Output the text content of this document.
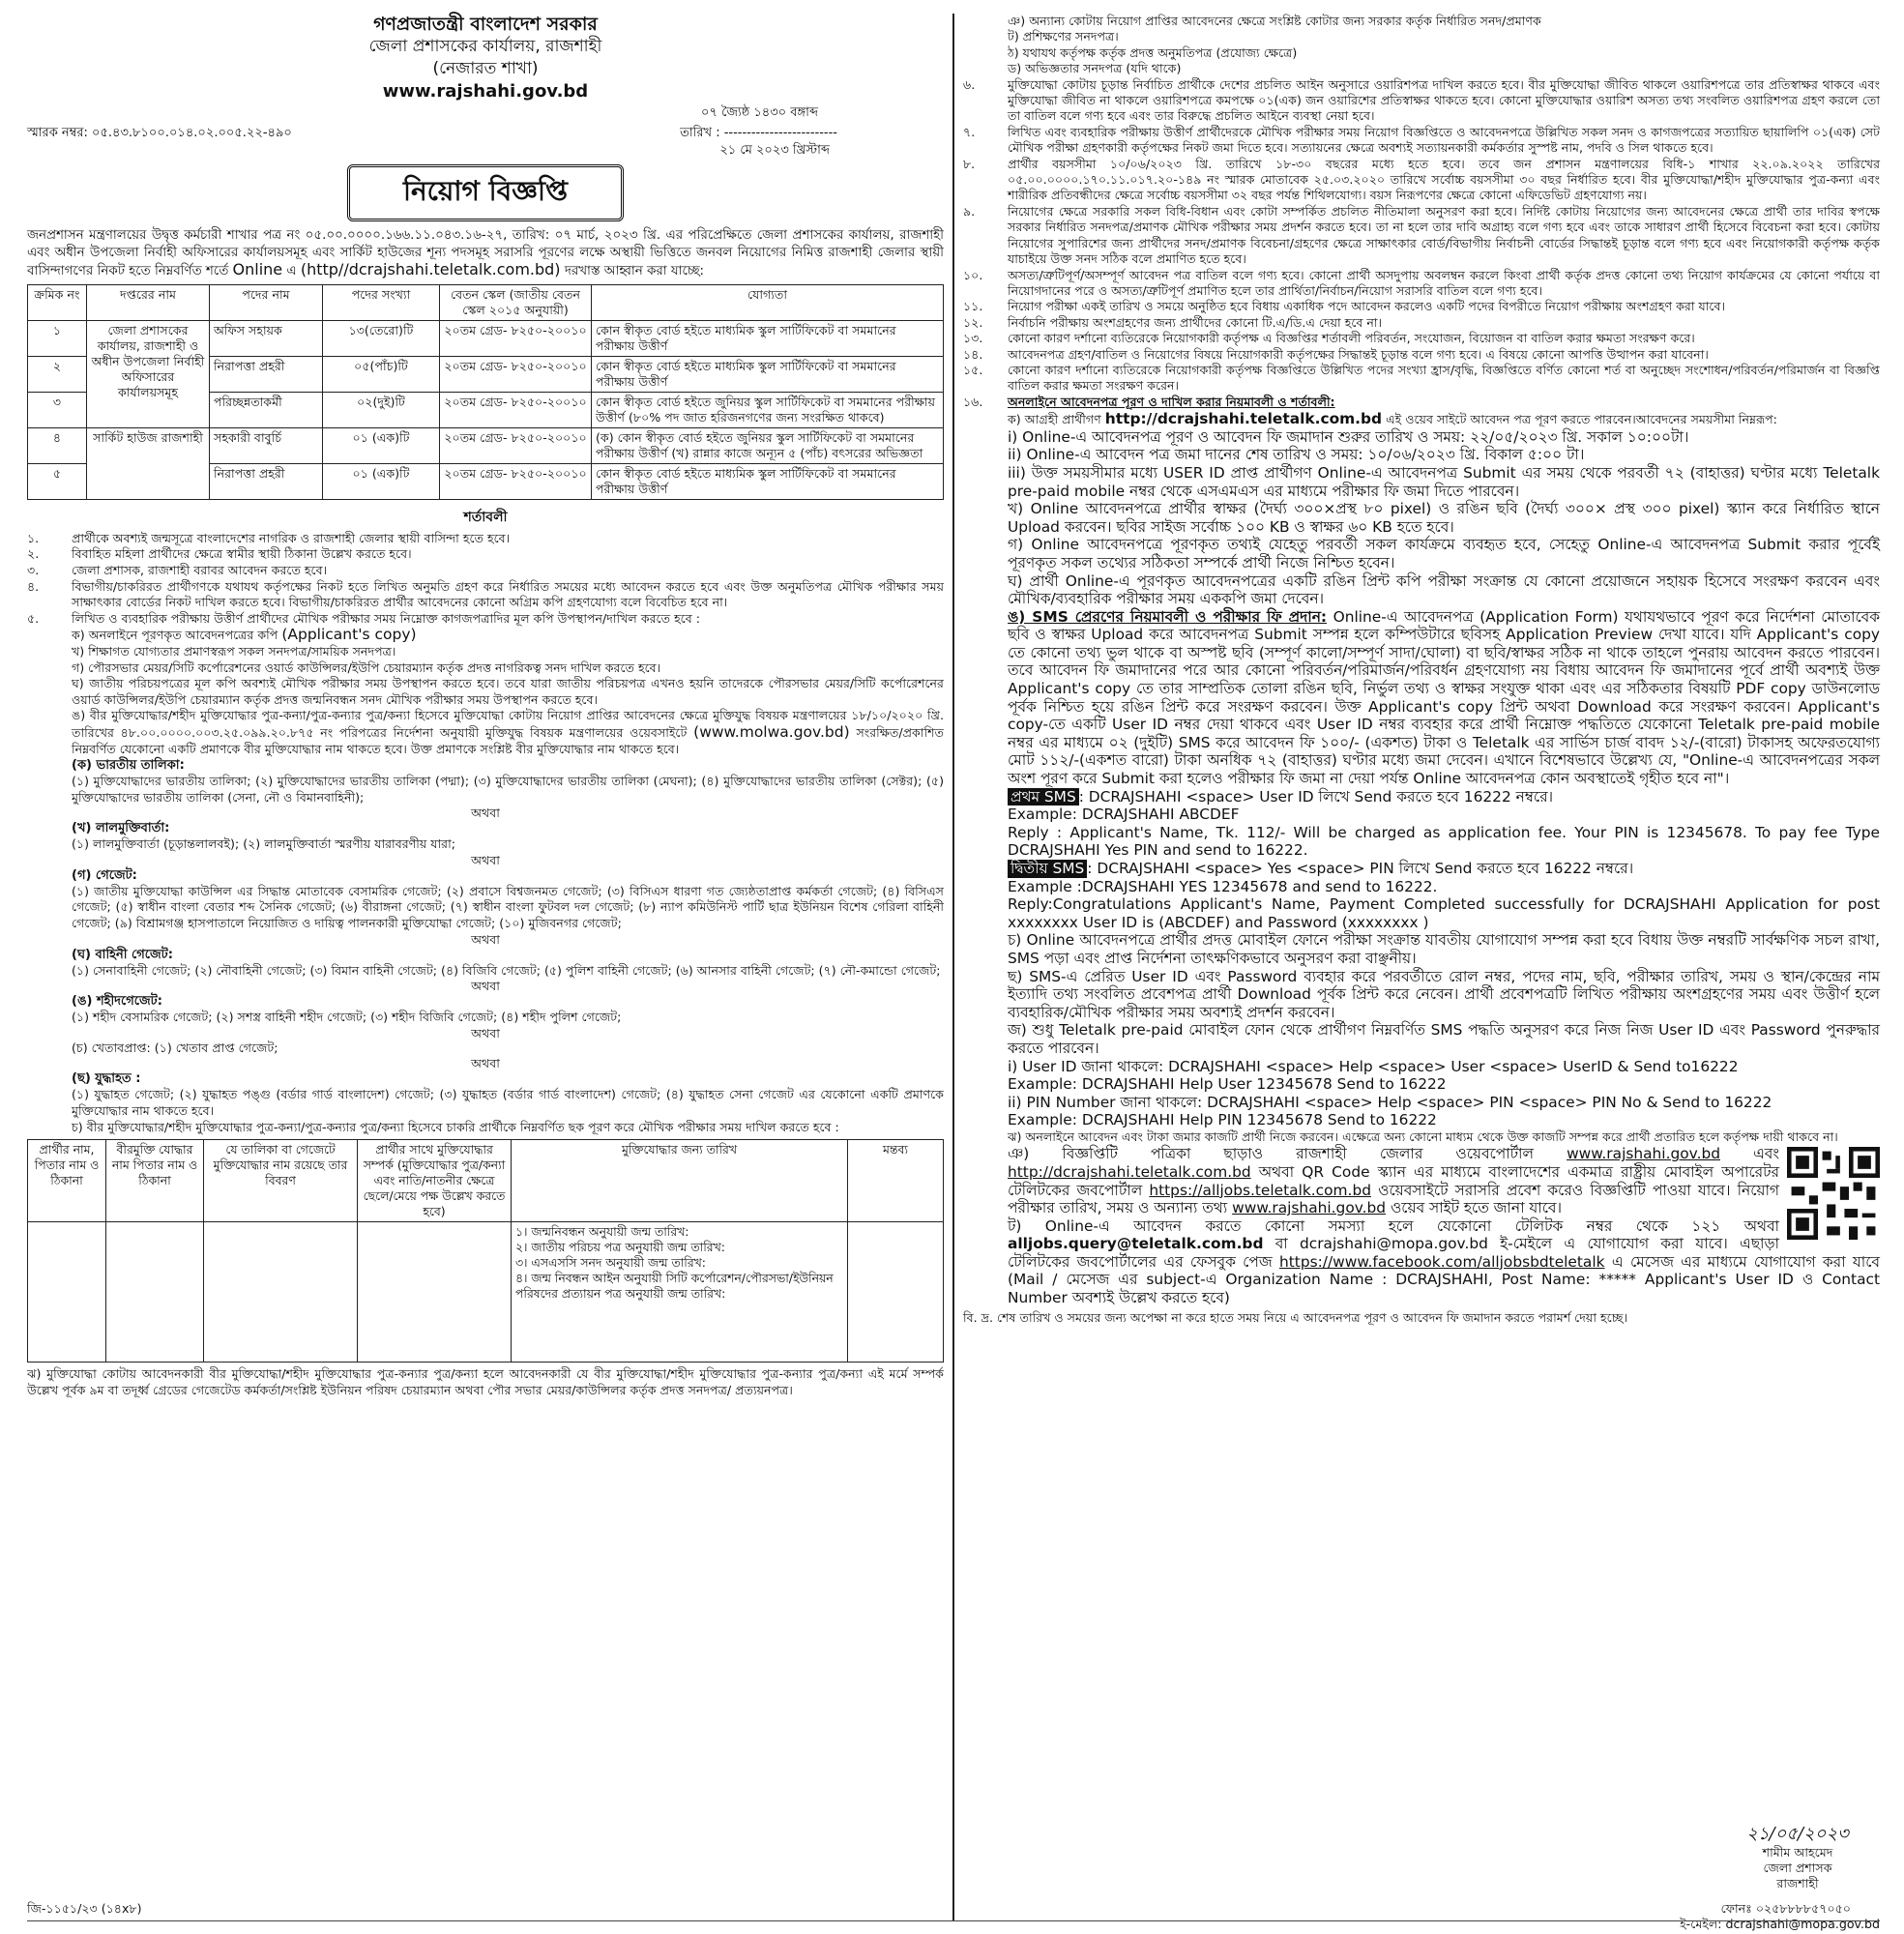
গণপ্রজাতন্ত্রী বাংলাদেশ সরকার
জেলা প্রশাসকের কার্যালয়, রাজশাহী
(নেজারত শাখা)
www.rajshahi.gov.bd
০৭ জ্যৈষ্ঠ ১৪৩০ বঙ্গাব্দ
স্মারক নম্বর: ০৫.৪৩.৮১০০.০১৪.০২.০০৫.২২-৪৯০	তারিখ : -------------------------
২১ মে ২০২৩ খ্রিস্টাব্দ
নিয়োগ বিজ্ঞপ্তি
জনপ্রশাসন মন্ত্রণালয়ের উদ্বৃত্ত কর্মচারী শাখার পত্র নং ০৫.০০.০০০০.১৬৬.১১.০৪৩.১৬-২৭, তারিখ: ০৭ মার্চ, ২০২৩ খ্রি. এর পরিপ্রেক্ষিতে জেলা প্রশাসকের কার্যালয়, রাজশাহী এবং অধীন উপজেলা নির্বাহী অফিসারের কার্যালয়সমূহ এবং সার্কিট হাউজের শূন্য পদসমূহ সরাসরি পূরণের লক্ষে অস্থায়ী ভিত্তিতে জনবল নিয়োগের নিমিত্ত রাজশাহী জেলার স্থায়ী বাসিন্দাগণের নিকট হতে নিম্নবর্ণিত শর্তে Online এ (http//dcrajshahi.teletalk.com.bd) দরখাস্ত আহ্বান করা যাচ্ছে:
ক্রমিক নং	দপ্তরের নাম	পদের নাম	পদের সংখ্যা	বেতন স্কেল (জাতীয় বেতন স্কেল ২০১৫ অনুযায়ী)	যোগ্যতা
১	জেলা প্রশাসকের কার্যালয়, রাজশাহী ও অধীন উপজেলা নির্বাহী অফিসারের কার্যালয়সমূহ	অফিস সহায়ক	১৩(তেরো)টি	২০তম গ্রেড- ৮২৫০-২০০১০	কোন স্বীকৃত বোর্ড হইতে মাধ্যমিক স্কুল সার্টিফিকেট বা সমমানের পরীক্ষায় উত্তীর্ণ
২		নিরাপত্তা প্রহরী	০৫(পাঁচ)টি	২০তম গ্রেড- ৮২৫০-২০০১০	কোন স্বীকৃত বোর্ড হইতে মাধ্যমিক স্কুল সার্টিফিকেট বা সমমানের পরীক্ষায় উত্তীর্ণ
৩		পরিচ্ছন্নতাকর্মী	০২(দুই)টি	২০তম গ্রেড- ৮২৫০-২০০১০	কোন স্বীকৃত বোর্ড হইতে জুনিয়র স্কুল সার্টিফিকেট বা সমমানের পরীক্ষায় উত্তীর্ণ (৮০% পদ জাত হরিজনগণের জন্য সংরক্ষিত থাকবে)
৪	সার্কিট হাউজ রাজশাহী	সহকারী বাবুর্চি	০১ (এক)টি	২০তম গ্রেড- ৮২৫০-২০০১০	(ক) কোন স্বীকৃত বোর্ড হইতে জুনিয়র স্কুল সার্টিফিকেট বা সমমানের পরীক্ষায় উত্তীর্ণ (খ) রান্নার কাজে অন্যূন ৫ (পাঁচ) বৎসরের অভিজ্ঞতা
৫		নিরাপত্তা প্রহরী	০১ (এক)টি	২০তম গ্রেড- ৮২৫০-২০০১০	কোন স্বীকৃত বোর্ড হইতে মাধ্যমিক স্কুল সার্টিফিকেট বা সমমানের পরীক্ষায় উত্তীর্ণ
শর্তাবলী
১.	প্রার্থীকে অবশ্যই জন্মসূত্রে বাংলাদেশের নাগরিক ও রাজশাহী জেলার স্থায়ী বাসিন্দা হতে হবে।
২.	বিবাহিত মহিলা প্রার্থীদের ক্ষেত্রে স্বামীর স্থায়ী ঠিকানা উল্লেখ করতে হবে।
৩.	জেলা প্রশাসক, রাজশাহী বরাবর আবেদন করতে হবে।
৪.	বিভাগীয়/চাকরিরত প্রার্থীগণকে যথাযথ কর্তৃপক্ষের নিকট হতে লিখিত অনুমতি গ্রহণ করে নির্ধারিত সময়ের মধ্যে আবেদন করতে হবে এবং উক্ত অনুমতিপত্র মৌখিক পরীক্ষার সময় সাক্ষাৎকার বোর্ডের নিকট দাখিল করতে হবে। বিভাগীয়/চাকরিরত প্রার্থীর আবেদনের কোনো অগ্রিম কপি গ্রহণযোগ্য বলে বিবেচিত হবে না।
৫.	লিখিত ও ব্যবহারিক পরীক্ষায় উত্তীর্ণ প্রার্থীদের মৌখিক পরীক্ষার সময় নিম্নোক্ত কাগজপত্রাদির মূল কপি উপস্থাপন/দাখিল করতে হবে :
ক) অনলাইনে পূরণকৃত আবেদনপত্রের কপি (Applicant's copy)
খ) শিক্ষাগত যোগ্যতার প্রমাণস্বরূপ সকল সনদপত্র/সাময়িক সনদপত্র।
গ) পৌরসভার মেয়র/সিটি কর্পোরেশনের ওয়ার্ড কাউন্সিলর/ইউপি চেয়ারম্যান কর্তৃক প্রদত্ত নাগরিকত্ব সনদ দাখিল করতে হবে।
ঘ) জাতীয় পরিচয়পত্রের মূল কপি অবশ্যই মৌখিক পরীক্ষার সময় উপস্থাপন করতে হবে। তবে যারা জাতীয় পরিচয়পত্র এখনও হয়নি তাদেরকে পৌরসভার মেয়র/সিটি কর্পোরেশনের ওয়ার্ড কাউন্সিলর/ইউপি চেয়ারম্যান কর্তৃক প্রদত্ত জন্মনিবন্ধন সনদ মৌখিক পরীক্ষার সময় উপস্থাপন করতে হবে।
ঙ) বীর মুক্তিযোদ্ধার/শহীদ মুক্তিযোদ্ধার পুত্র-কন্যা/পুত্র-কন্যার পুত্র/কন্যা হিসেবে মুক্তিযোদ্ধা কোটায় নিয়োগ প্রাপ্তির আবেদনের ক্ষেত্রে মুক্তিযুদ্ধ বিষয়ক মন্ত্রণালয়ের ১৮/১০/২০২০ খ্রি. তারিখের ৪৮.০০.০০০০.০০৩.২৫.০৯৯.২০.৮৭৫ নং পরিপত্রের নির্দেশনা অনুযায়ী মুক্তিযুদ্ধ বিষয়ক মন্ত্রণালয়ের ওয়েবসাইটে (www.molwa.gov.bd) সংরক্ষিত/প্রকাশিত নিম্নবর্ণিত যেকোনো একটি প্রমাণকে বীর মুক্তিযোদ্ধার নাম থাকতে হবে। উক্ত প্রমাণকে সংশ্লিষ্ট বীর মুক্তিযোদ্ধার নাম থাকতে হবে।
(ক) ভারতীয় তালিকা:
(১) মুক্তিযোদ্ধাদের ভারতীয় তালিকা; (২) মুক্তিযোদ্ধাদের ভারতীয় তালিকা (পদ্মা); (৩) মুক্তিযোদ্ধাদের ভারতীয় তালিকা (মেঘনা); (৪) মুক্তিযোদ্ধাদের ভারতীয় তালিকা (সেক্টর); (৫) মুক্তিযোদ্ধাদের ভারতীয় তালিকা (সেনা, নৌ ও বিমানবাহিনী);
অথবা
(খ) লালমুক্তিবার্তা:
(১) লালমুক্তিবার্তা (চূড়ান্তলালবই); (২) লালমুক্তিবার্তা স্মরণীয় যারাবরণীয় যারা;
অথবা
(গ) গেজেট:
(১) জাতীয় মুক্তিযোদ্ধা কাউন্সিল এর সিদ্ধান্ত মোতাবেক বেসামরিক গেজেট; (২) প্রবাসে বিশ্বজনমত গেজেট; (৩) বিসিএস ধারণা গত জ্যেষ্ঠতাপ্রাপ্ত কর্মকর্তা গেজেট; (৪) বিসিএস গেজেট; (৫) স্বাধীন বাংলা বেতার শব্দ সৈনিক গেজেট; (৬) বীরাঙ্গনা গেজেট; (৭) স্বাধীন বাংলা ফুটবল দল গেজেট; (৮) ন্যাপ কমিউনিস্ট পার্টি ছাত্র ইউনিয়ন বিশেষ গেরিলা বাহিনী গেজেট; (৯) বিশ্রামগঞ্জ হাসপাতালে নিয়োজিত ও দায়িত্ব পালনকারী মুক্তিযোদ্ধা গেজেট; (১০) মুজিবনগর গেজেট;
অথবা
(ঘ) বাহিনী গেজেট:
(১) সেনাবাহিনী গেজেট; (২) নৌবাহিনী গেজেট; (৩) বিমান বাহিনী গেজেট; (৪) বিজিবি গেজেট; (৫) পুলিশ বাহিনী গেজেট; (৬) আনসার বাহিনী গেজেট; (৭) নৌ-কমান্ডো গেজেট;
অথবা
(ঙ) শহীদগেজেট:
(১) শহীদ বেসামরিক গেজেট; (২) সশস্ত্র বাহিনী শহীদ গেজেট; (৩) শহীদ বিজিবি গেজেট; (৪) শহীদ পুলিশ গেজেট;
অথবা
(চ) খেতাবপ্রাপ্ত: (১) খেতাব প্রাপ্ত গেজেট;
অথবা
(ছ) যুদ্ধাহত :
(১) যুদ্ধাহত গেজেট; (২) যুদ্ধাহত পঙ্গু (বর্ডার গার্ড বাংলাদেশ) গেজেট; (৩) যুদ্ধাহত (বর্ডার গার্ড বাংলাদেশ) গেজেট; (৪) যুদ্ধাহত সেনা গেজেট এর যেকোনো একটি প্রমাণকে মুক্তিযোদ্ধার নাম থাকতে হবে।
চ) বীর মুক্তিযোদ্ধার/শহীদ মুক্তিযোদ্ধার পুত্র-কন্যা/পুত্র-কন্যার পুত্র/কন্যা হিসেবে চাকরি প্রার্থীকে নিম্নবর্ণিত ছক পূরণ করে মৌখিক পরীক্ষার সময় দাখিল করতে হবে :
প্রার্থীর নাম, পিতার নাম ও ঠিকানা	বীরমুক্তি যোদ্ধার নাম পিতার নাম ও ঠিকানা	যে তালিকা বা গেজেটে মুক্তিযোদ্ধার নাম রয়েছে তার বিবরণ	প্রার্থীর সাথে মুক্তিযোদ্ধার সম্পর্ক (মুক্তিযোদ্ধার পুত্র/কন্যা এবং নাতি/নাতনীর ক্ষেত্রে ছেলে/মেয়ে পক্ষ উল্লেখ করতে হবে)	মুক্তিযোদ্ধার জন্য তারিখ	মন্তব্য

				১। জন্মনিবন্ধন অনুযায়ী জন্ম তারিখ:
২। জাতীয় পরিচয় পত্র অনুযায়ী জন্ম তারিখ:
৩। এসএসসি সনদ অনুযায়ী জন্ম তারিখ:
৪। জন্ম নিবন্ধন আইন অনুযায়ী সিটি কর্পোরেশন/পৌরসভা/ইউনিয়ন পরিষদের প্রত্যায়ন পত্র অনুযায়ী জন্ম তারিখ:	

ঝ) মুক্তিযোদ্ধা কোটায় আবেদনকারী বীর মুক্তিযোদ্ধা/শহীদ মুক্তিযোদ্ধার পুত্র-কন্যার পুত্র/কন্যা হলে আবেদনকারী যে বীর মুক্তিযোদ্ধা/শহীদ মুক্তিযোদ্ধার পুত্র-কন্যার পুত্র/কন্যা এই মর্মে সম্পর্ক উল্লেখ পূর্বক ৯ম বা তদূর্ধ্ব গ্রেডের গেজেটেড কর্মকর্তা/সংশ্লিষ্ট ইউনিয়ন পরিষদ চেয়ারম্যান অথবা পৌর সভার মেয়র/কাউন্সিলর কর্তৃক প্রদত্ত সনদপত্র/ প্রত্যয়নপত্র।
জি-১১৫১/২৩ (১৪x৮)
ঞ) অন্যান্য কোটায় নিয়োগ প্রাপ্তির আবেদনের ক্ষেত্রে সংশ্লিষ্ট কোটার জন্য সরকার কর্তৃক নির্ধারিত সনদ/প্রমাণক
ট) প্রশিক্ষণের সনদপত্র।
ঠ) যথাযথ কর্তৃপক্ষ কর্তৃক প্রদত্ত অনুমতিপত্র (প্রযোজ্য ক্ষেত্রে)
ড) অভিজ্ঞতার সনদপত্র (যদি থাকে)
৬.	মুক্তিযোদ্ধা কোটায় চূড়ান্ত নির্বাচিত প্রার্থীকে দেশের প্রচলিত আইন অনুসারে ওয়ারিশপত্র দাখিল করতে হবে। বীর মুক্তিযোদ্ধা জীবিত থাকলে ওয়ারিশপত্রে তার প্রতিস্বাক্ষর থাকবে এবং মুক্তিযোদ্ধা জীবিত না থাকলে ওয়ারিশপত্রে কমপক্ষে ০১(এক) জন ওয়ারিশের প্রতিস্বাক্ষর থাকতে হবে। কোনো মুক্তিযোদ্ধার ওয়ারিশ অসত্য তথ্য সংবলিত ওয়ারিশপত্র গ্রহণ করলে তো তা বাতিল বলে গণ্য হবে এবং তার বিরুদ্ধে প্রচলিত আইনে ব্যবস্থা নেয়া হবে।
৭.	লিখিত এবং ব্যবহারিক পরীক্ষায় উত্তীর্ণ প্রার্থীদেরকে মৌখিক পরীক্ষার সময় নিয়োগ বিজ্ঞপ্তিতে ও আবেদনপত্রে উল্লিখিত সকল সনদ ও কাগজপত্রের সত্যায়িত ছায়ালিপি ০১(এক) সেট মৌখিক পরীক্ষা গ্রহণকারী কর্তৃপক্ষের নিকট জমা দিতে হবে। সত্যায়নের ক্ষেত্রে অবশ্যই সত্যায়নকারী কর্মকর্তার সুস্পষ্ট নাম, পদবি ও সিল থাকতে হবে।
৮.	প্রার্থীর বয়সসীমা ১০/০৬/২০২৩ খ্রি. তারিখে ১৮-৩০ বছরের মধ্যে হতে হবে। তবে জন প্রশাসন মন্ত্রণালয়ের বিধি-১ শাখার ২২.০৯.২০২২ তারিখের ০৫.০০.০০০০.১৭০.১১.০১৭.২০-১৪৯ নং স্মারক মোতাবেক ২৫.০৩.২০২০ তারিখে সর্বোচ্চ বয়সসীমা ৩০ বছর নির্ধারিত হবে। বীর মুক্তিযোদ্ধা/শহীদ মুক্তিযোদ্ধার পুত্র-কন্যা এবং শারীরিক প্রতিবন্ধীদের ক্ষেত্রে সর্বোচ্চ বয়সসীমা ৩২ বছর পর্যন্ত শিথিলযোগ্য। বয়স নিরূপণের ক্ষেত্রে কোনো এফিডেভিট গ্রহণযোগ্য নয়।
৯.	নিয়োগের ক্ষেত্রে সরকারি সকল বিধি-বিধান এবং কোটা সম্পর্কিত প্রচলিত নীতিমালা অনুসরণ করা হবে। নির্দিষ্ট কোটায় নিয়োগের জন্য আবেদনের ক্ষেত্রে প্রার্থী তার দাবির স্বপক্ষে সরকার নির্ধারিত সনদপত্র/প্রমাণক মৌখিক পরীক্ষার সময় প্রদর্শন করতে হবে। তা না হলে তার দাবি অগ্রাহ্য বলে গণ্য হবে এবং তাকে সাধারণ প্রার্থী হিসেবে বিবেচনা করা হবে। কোটায় নিয়োগের সুপারিশের জন্য প্রার্থীদের সনদ/প্রমাণক বিবেচনা/গ্রহণের ক্ষেত্রে সাক্ষাৎকার বোর্ড/বিভাগীয় নির্বাচনী বোর্ডের সিদ্ধান্তই চূড়ান্ত বলে গণ্য হবে এবং নিয়োগকারী কর্তৃপক্ষ কর্তৃক যাচাইয়ে উক্ত সনদ সঠিক বলে প্রমাণিত হতে হবে।
১০.	অসত্য/ত্রুটিপূর্ণ/অসম্পূর্ণ আবেদন পত্র বাতিল বলে গণ্য হবে। কোনো প্রার্থী অসদুপায় অবলম্বন করলে কিংবা প্রার্থী কর্তৃক প্রদত্ত কোনো তথ্য নিয়োগ কার্যক্রমের যে কোনো পর্যায়ে বা নিয়োগদানের পরে ও অসত্য/ত্রুটিপূর্ণ প্রমাণিত হলে তার প্রার্থিতা/নির্বাচন/নিয়োগ সরাসরি বাতিল বলে গণ্য হবে।
১১.	নিয়োগ পরীক্ষা একই তারিখ ও সময়ে অনুষ্ঠিত হবে বিধায় একাধিক পদে আবেদন করলেও একটি পদের বিপরীতে নিয়োগ পরীক্ষায় অংশগ্রহণ করা যাবে।
১২.	নির্বাচনি পরীক্ষায় অংশগ্রহণের জন্য প্রার্থীদের কোনো টি.এ/ডি.এ দেয়া হবে না।
১৩.	কোনো কারণ দর্শানো ব্যতিরেকে নিয়োগকারী কর্তৃপক্ষ এ বিজ্ঞপ্তির শর্তাবলী পরিবর্তন, সংযোজন, বিয়োজন বা বাতিল করার ক্ষমতা সংরক্ষণ করে।
১৪.	আবেদনপত্র গ্রহণ/বাতিল ও নিয়োগের বিষয়ে নিয়োগকারী কর্তৃপক্ষের সিদ্ধান্তই চূড়ান্ত বলে গণ্য হবে। এ বিষয়ে কোনো আপত্তি উত্থাপন করা যাবেনা।
১৫.	কোনো কারণ দর্শানো ব্যতিরেকে নিয়োগকারী কর্তৃপক্ষ বিজ্ঞপ্তিতে উল্লিখিত পদের সংখ্যা হ্রাস/বৃদ্ধি, বিজ্ঞপ্তিতে বর্ণিত কোনো শর্ত বা অনুচ্ছেদ সংশোধন/পরিবর্তন/পরিমার্জন বা বিজ্ঞপ্তি বাতিল করার ক্ষমতা সংরক্ষণ করেন।
১৬.	অনলাইনে আবেদনপত্র পূরণ ও দাখিল করার নিয়মাবলী ও শর্তাবলী:
ক) আগ্রহী প্রার্থীগণ http://dcrajshahi.teletalk.com.bd এই ওয়েব সাইটে আবেদন পত্র পূরণ করতে পারবেন।আবেদনের সময়সীমা নিম্নরূপ:
i) Online-এ আবেদনপত্র পূরণ ও আবেদন ফি জমাদান শুরুর তারিখ ও সময়: ২২/০৫/২০২৩ খ্রি. সকাল ১০:০০টা।
ii) Online-এ আবেদন পত্র জমা দানের শেষ তারিখ ও সময়: ১০/০৬/২০২৩ খ্রি. বিকাল ৫:০০ টা।
iii) উক্ত সময়সীমার মধ্যে USER ID প্রাপ্ত প্রার্থীগণ Online-এ আবেদনপত্র Submit এর সময় থেকে পরবর্তী ৭২ (বাহাত্তর) ঘণ্টার মধ্যে Teletalk pre-paid mobile নম্বর থেকে এসএমএস এর মাধ্যমে পরীক্ষার ফি জমা দিতে পারবেন।
খ) Online আবেদনপত্রে প্রার্থীর স্বাক্ষর (দৈর্ঘ্য ৩০০×প্রস্থ ৮০ pixel) ও রঙিন ছবি (দৈর্ঘ্য ৩০০× প্রস্থ ৩০০ pixel) স্ক্যান করে নির্ধারিত স্থানে Upload করবেন। ছবির সাইজ সর্বোচ্চ ১০০ KB ও স্বাক্ষর ৬০ KB হতে হবে।
গ) Online আবেদনপত্রে পূরণকৃত তথ্যই যেহেতু পরবর্তী সকল কার্যক্রমে ব্যবহৃত হবে, সেহেতু Online-এ আবেদনপত্র Submit করার পূর্বেই পূরণকৃত সকল তথ্যের সঠিকতা সম্পর্কে প্রার্থী নিজে নিশ্চিত হবেন।
ঘ) প্রার্থী Online-এ পূরণকৃত আবেদনপত্রের একটি রঙিন প্রিন্ট কপি পরীক্ষা সংক্রান্ত যে কোনো প্রয়োজনে সহায়ক হিসেবে সংরক্ষণ করবেন এবং মৌখিক/ব্যবহারিক পরীক্ষার সময় এককপি জমা দেবেন।
ঙ) SMS প্রেরণের নিয়মাবলী ও পরীক্ষার ফি প্রদান: Online-এ আবেদনপত্র (Application Form) যথাযথভাবে পূরণ করে নির্দেশনা মোতাবেক ছবি ও স্বাক্ষর Upload করে আবেদনপত্র Submit সম্পন্ন হলে কম্পিউটারে ছবিসহ Application Preview দেখা যাবে। যদি Applicant's copy তে কোনো তথ্য ভুল থাকে বা অস্পষ্ট ছবি (সম্পূর্ণ কালো/সম্পূর্ণ সাদা/ঘোলা) বা ছবি/স্বাক্ষর সঠিক না থাকে তাহলে পুনরায় আবেদন করতে পারবেন। তবে আবেদন ফি জমাদানের পরে আর কোনো পরিবর্তন/পরিমার্জন/পরিবর্ধন গ্রহণযোগ্য নয় বিধায় আবেদন ফি জমাদানের পূর্বে প্রার্থী অবশ্যই উক্ত Applicant's copy তে তার সাম্প্রতিক তোলা রঙিন ছবি, নির্ভুল তথ্য ও স্বাক্ষর সংযুক্ত থাকা এবং এর সঠিকতার বিষয়টি PDF copy ডাউনলোড পূর্বক নিশ্চিত হয়ে রঙিন প্রিন্ট করে সংরক্ষণ করবেন। উক্ত Applicant's copy প্রিন্ট অথবা Download করে সংরক্ষণ করবেন। Applicant's copy-তে একটি User ID নম্বর দেয়া থাকবে এবং User ID নম্বর ব্যবহার করে প্রার্থী নিম্নোক্ত পদ্ধতিতে যেকোনো Teletalk pre-paid mobile নম্বর এর মাধ্যমে ০২ (দুইটি) SMS করে আবেদন ফি ১০০/- (একশত) টাকা ও Teletalk এর সার্ভিস চার্জ বাবদ ১২/-(বারো) টাকাসহ অফেরতযোগ্য মোট ১১২/-(একশত বারো) টাকা অনধিক ৭২ (বাহাত্তর) ঘণ্টার মধ্যে জমা দেবেন। এখানে বিশেষভাবে উল্লেখ্য যে, "Online-এ আবেদনপত্রের সকল অংশ পূরণ করে Submit করা হলেও পরীক্ষার ফি জমা না দেয়া পর্যন্ত Online আবেদনপত্র কোন অবস্থাতেই গৃহীত হবে না"।
প্রথম SMS : DCRAJSHAHI <space> User ID লিখে Send করতে হবে 16222 নম্বরে।
Example: DCRAJSHAHI ABCDEF
Reply : Applicant's Name, Tk. 112/- Will be charged as application fee. Your PIN is 12345678. To pay fee Type DCRAJSHAHI Yes PIN and send to 16222.
দ্বিতীয় SMS : DCRAJSHAHI <space> Yes <space> PIN লিখে Send করতে হবে 16222 নম্বরে।
Example :DCRAJSHAHI YES 12345678 and send to 16222.
Reply:Congratulations Applicant's Name, Payment Completed successfully for DCRAJSHAHI Application for post xxxxxxxx User ID is (ABCDEF) and Password (xxxxxxxx )
চ) Online আবেদনপত্রে প্রার্থীর প্রদত্ত মোবাইল ফোনে পরীক্ষা সংক্রান্ত যাবতীয় যোগাযোগ সম্পন্ন করা হবে বিধায় উক্ত নম্বরটি সার্বক্ষণিক সচল রাখা, SMS পড়া এবং প্রাপ্ত নির্দেশনা তাৎক্ষণিকভাবে অনুসরণ করা বাঞ্ছনীয়।
ছ) SMS-এ প্রেরিত User ID এবং Password ব্যবহার করে পরবর্তীতে রোল নম্বর, পদের নাম, ছবি, পরীক্ষার তারিখ, সময় ও স্থান/কেন্দ্রের নাম ইত্যাদি তথ্য সংবলিত প্রবেশপত্র প্রার্থী Download পূর্বক প্রিন্ট করে নেবেন। প্রার্থী প্রবেশপত্রটি লিখিত পরীক্ষায় অংশগ্রহণের সময় এবং উত্তীর্ণ হলে ব্যবহারিক/মৌখিক পরীক্ষার সময় অবশ্যই প্রদর্শন করবেন।
জ) শুধু Teletalk pre-paid মোবাইল ফোন থেকে প্রার্থীগণ নিম্নবর্ণিত SMS পদ্ধতি অনুসরণ করে নিজ নিজ User ID এবং Password পুনরুদ্ধার করতে পারবেন।
i) User ID জানা থাকলে: DCRAJSHAHI <space> Help <space> User <space> UserID & Send to16222
Example: DCRAJSHAHI Help User 12345678 Send to 16222
ii) PIN Number জানা থাকলে: DCRAJSHAHI <space> Help <space> PIN <space> PIN No & Send to 16222
Example: DCRAJSHAHI Help PIN 12345678 Send to 16222
ঝ) অনলাইনে আবেদন এবং টাকা জমার কাজটি প্রার্থী নিজে করবেন। এক্ষেত্রে অন্য কোনো মাধ্যম থেকে উক্ত কাজটি সম্পন্ন করে প্রার্থী প্রতারিত হলে কর্তৃপক্ষ দায়ী থাকবে না।
ঞ) বিজ্ঞপ্তিটি পত্রিকা ছাড়াও রাজশাহী জেলার ওয়েবপোর্টাল www.rajshahi.gov.bd এবং http://dcrajshahi.teletalk.com.bd অথবা QR Code স্ক্যান এর মাধ্যমে বাংলাদেশের একমাত্র রাষ্ট্রীয় মোবাইল অপারেটর টেলিটকের জবপোর্টাল https://alljobs.teletalk.com.bd ওয়েবসাইটে সরাসরি প্রবেশ করেও বিজ্ঞপ্তিটি পাওয়া যাবে। নিয়োগ পরীক্ষার তারিখ, সময় ও অন্যান্য তথ্য www.rajshahi.gov.bd ওয়েব সাইট হতে জানা যাবে।
ট) Online-এ আবেদন করতে কোনো সমস্যা হলে যেকোনো টেলিটক নম্বর থেকে ১২১ অথবা alljobs.query@teletalk.com.bd বা dcrajshahi@mopa.gov.bd ই-মেইলে এ যোগাযোগ করা যাবে। এছাড়া টেলিটকের জবপোর্টালের এর ফেসবুক পেজ https://www.facebook.com/alljobsbdteletalk এ মেসেজ এর মাধ্যমে যোগাযোগ করা যাবে (Mail / মেসেজ এর subject-এ Organization Name : DCRAJSHAHI, Post Name: ***** Applicant's User ID ও Contact Number অবশ্যই উল্লেখ করতে হবে)
বি. দ্র. শেষ তারিখ ও সময়ের জন্য অপেক্ষা না করে হাতে সময় নিয়ে এ আবেদনপত্র পূরণ ও আবেদন ফি জমাদান করতে পরামর্শ দেয়া হচ্ছে।
২১/০৫/২০২৩
শামীম আহমেদ
জেলা প্রশাসক
রাজশাহী
ফোনঃ ০২৫৮৮৮৮৫৭০৫০
ই-মেইল: dcrajshahi@mopa.gov.bd
